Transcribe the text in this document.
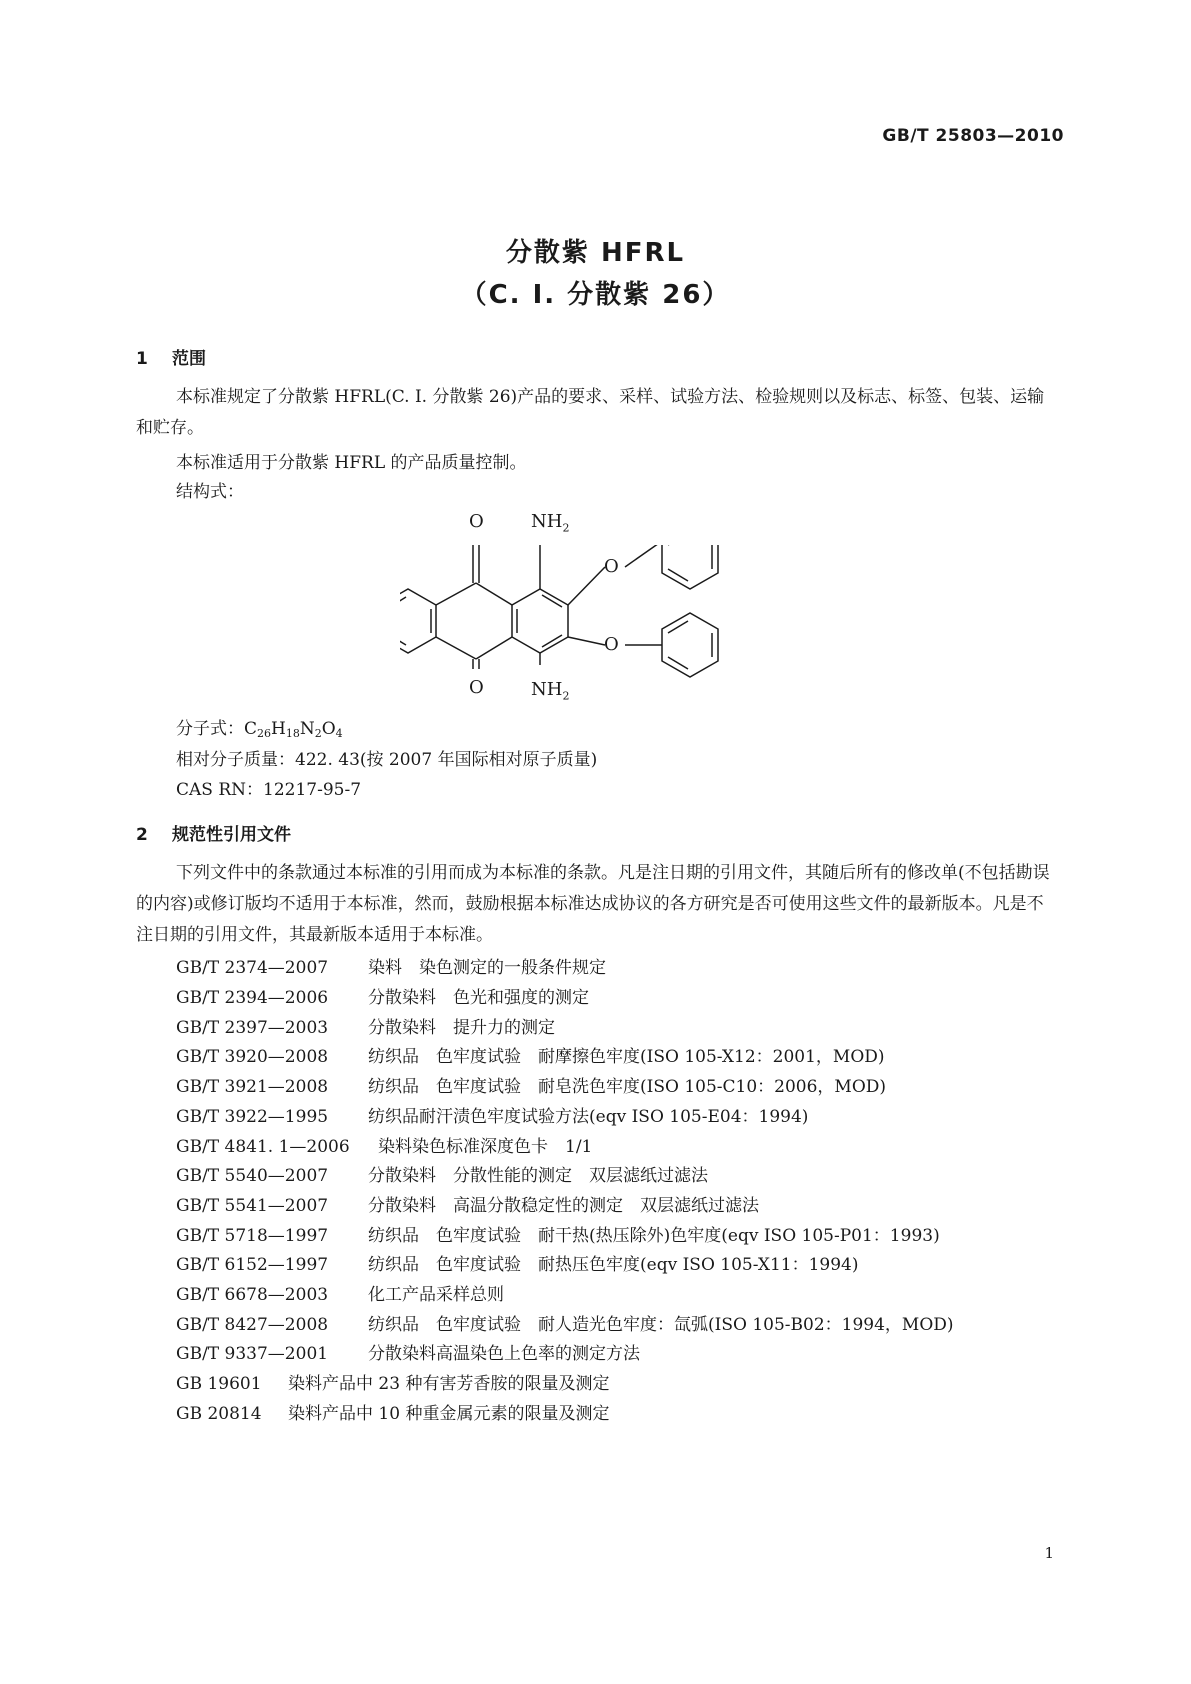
GB/T 25803—2010
分散紫 HFRL
（C. I. 分散紫 26）
1 范围
本标准规定了分散紫 HFRL(C. I. 分散紫 26)产品的要求、采样、试验方法、检验规则以及标志、标签、包装、运输和贮存。
本标准适用于分散紫 HFRL 的产品质量控制。
结构式：
O	$NH_2$
O
O
O	$NH_2$
分子式：$C_{26}H_{18}N_2O_4$
相对分子质量：422. 43(按 2007 年国际相对原子质量)
CAS RN：12217-95-7
2 规范性引用文件
下列文件中的条款通过本标准的引用而成为本标准的条款。凡是注日期的引用文件，其随后所有的修改单(不包括勘误的内容)或修订版均不适用于本标准，然而，鼓励根据本标准达成协议的各方研究是否可使用这些文件的最新版本。凡是不注日期的引用文件，其最新版本适用于本标准。
GB/T 2374—2007 染料　染色测定的一般条件规定
GB/T 2394—2006 分散染料　色光和强度的测定
GB/T 2397—2003 分散染料　提升力的测定
GB/T 3920—2008 纺织品　色牢度试验　耐摩擦色牢度(ISO 105-X12：2001，MOD)
GB/T 3921—2008 纺织品　色牢度试验　耐皂洗色牢度(ISO 105-C10：2006，MOD)
GB/T 3922—1995 纺织品耐汗渍色牢度试验方法(eqv ISO 105-E04：1994)
GB/T 4841. 1—2006 染料染色标准深度色卡　1/1
GB/T 5540—2007 分散染料　分散性能的测定　双层滤纸过滤法
GB/T 5541—2007 分散染料　高温分散稳定性的测定　双层滤纸过滤法
GB/T 5718—1997 纺织品　色牢度试验　耐干热(热压除外)色牢度(eqv ISO 105-P01：1993)
GB/T 6152—1997 纺织品　色牢度试验　耐热压色牢度(eqv ISO 105-X11：1994)
GB/T 6678—2003 化工产品采样总则
GB/T 8427—2008 纺织品　色牢度试验　耐人造光色牢度：氙弧(ISO 105-B02：1994，MOD)
GB/T 9337—2001 分散染料高温染色上色率的测定方法
GB 19601 染料产品中 23 种有害芳香胺的限量及测定
GB 20814 染料产品中 10 种重金属元素的限量及测定
1
